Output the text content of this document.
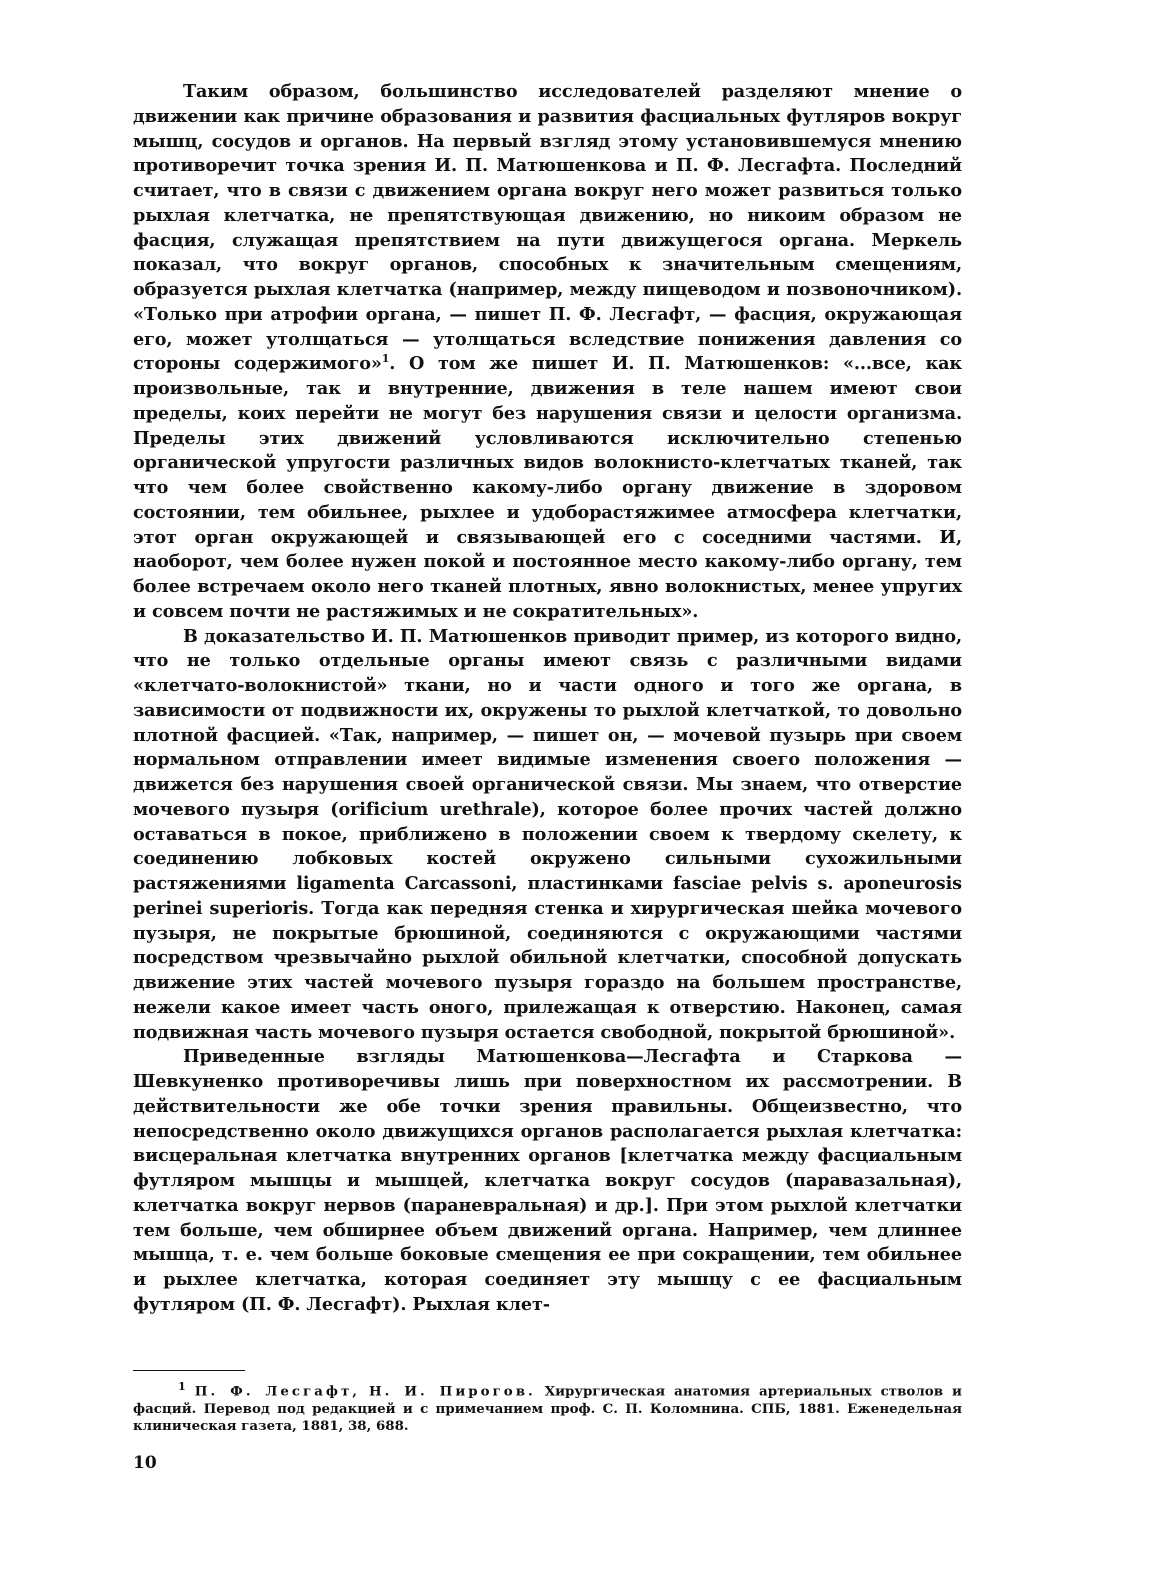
Таким образом, большинство исследователей разделяют мнение о движении как причине образования и развития фасциальных футляров вокруг мышц, сосудов и органов. На первый взгляд этому установившемуся мнению противоречит точка зрения И. П. Матюшенкова и П. Ф. Лесгафта. Последний считает, что в связи с движением органа вокруг него может развиться только рыхлая клетчатка, не препятствующая движению, но никоим образом не фасция, служащая препятствием на пути движущегося органа. Меркель показал, что вокруг органов, способных к значительным смещениям, образуется рыхлая клетчатка (например, между пищеводом и позвоночником). «Только при атрофии органа, — пишет П. Ф. Лесгафт, — фасция, окружающая его, может утолщаться — утолщаться вследствие понижения давления со стороны содержимого»$^1$. О том же пишет И. П. Матюшенков: «...все, как произвольные, так и внутренние, движения в теле нашем имеют свои пределы, коих перейти не могут без нарушения связи и целости организма. Пределы этих движений условливаются исключительно степенью органической упругости различных видов волокнисто-клетчатых тканей, так что чем более свойственно какому-либо органу движение в здоровом состоянии, тем обильнее, рыхлее и удоборастяжимее атмосфера клетчатки, этот орган окружающей и связывающей его с соседними частями. И, наоборот, чем более нужен покой и постоянное место какому-либо органу, тем более встречаем около него тканей плотных, явно волокнистых, менее упругих и совсем почти не растяжимых и не сократительных».

В доказательство И. П. Матюшенков приводит пример, из которого видно, что не только отдельные органы имеют связь с различными видами «клетчато-волокнистой» ткани, но и части одного и того же органа, в зависимости от подвижности их, окружены то рыхлой клетчаткой, то довольно плотной фасцией. «Так, например, — пишет он, — мочевой пузырь при своем нормальном отправлении имеет видимые изменения своего положения — движется без нарушения своей органической связи. Мы знаем, что отверстие мочевого пузыря (orificium urethrale), которое более прочих частей должно оставаться в покое, приближено в положении своем к твердому скелету, к соединению лобковых костей окружено сильными сухожильными растяжениями ligamenta Carcassoni, пластинками fasciae pelvis s. aponeurosis perinei superioris. Тогда как передняя стенка и хирургическая шейка мочевого пузыря, не покрытые брюшиной, соединяются с окружающими частями посредством чрезвычайно рыхлой обильной клетчатки, способной допускать движение этих частей мочевого пузыря гораздо на большем пространстве, нежели какое имеет часть оного, прилежащая к отверстию. Наконец, самая подвижная часть мочевого пузыря остается свободной, покрытой брюшиной».

Приведенные взгляды Матюшенкова—Лесгафта и Старкова — Шевкуненко противоречивы лишь при поверхностном их рассмотрении. В действительности же обе точки зрения правильны. Общеизвестно, что непосредственно около движущихся органов располагается рыхлая клетчатка: висцеральная клетчатка внутренних органов [клетчатка между фасциальным футляром мышцы и мышцей, клетчатка вокруг сосудов (паравазальная), клетчатка вокруг нервов (параневральная) и др.]. При этом рыхлой клетчатки тем больше, чем обширнее объем движений органа. Например, чем длиннее мышца, т. е. чем больше боковые смещения ее при сокращении, тем обильнее и рыхлее клетчатка, которая соединяет эту мышцу с ее фасциальным футляром (П. Ф. Лесгафт). Рыхлая клет-

$^1$ П. Ф. Лесгафт, Н. И. Пирогов. Хирургическая анатомия артериальных стволов и фасций. Перевод под редакцией и с примечанием проф. С. П. Коломнина. СПБ, 1881. Еженедельная клиническая газета, 1881, 38, 688.

10
